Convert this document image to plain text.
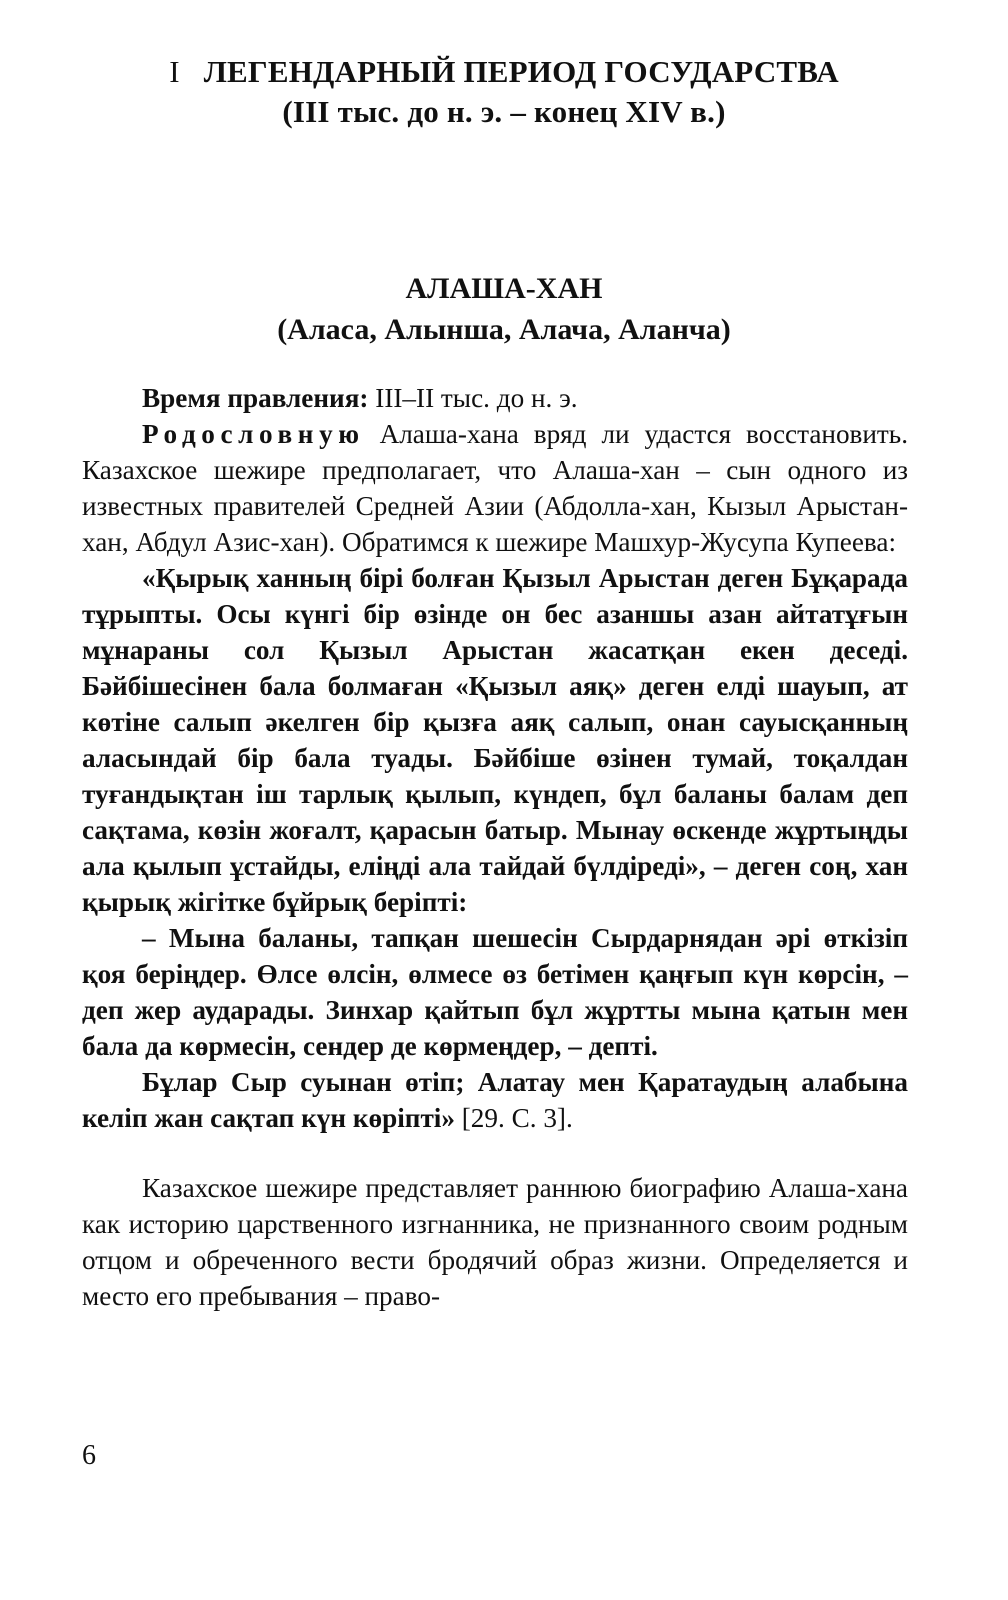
I ЛЕГЕНДАРНЫЙ ПЕРИОД ГОСУДАРСТВА
(III тыс. до н. э. – конец XIV в.)
АЛАША-ХАН
(Аласа, Алынша, Алача, Аланча)

Время правления: III–II тыс. до н. э.

Родословную Алаша-хана вряд ли удастся восстановить. Казахское шежире предполагает, что Алаша-хан – сын одного из известных правителей Средней Азии (Абдолла-хан, Кызыл Арыстан-хан, Абдул Азис-хан). Обратимся к шежире Машхур-Жусупа Купеева:

«Қырық ханның бірі болған Қызыл Арыстан деген Бұқарада тұрыпты. Осы күнгі бір өзінде он бес азаншы азан айтатұғын мұнараны сол Қызыл Арыстан жасатқан екен деседі. Бәйбішесінен бала болмаған «Қызыл аяқ» деген елді шауып, ат көтіне салып әкелген бір қызға аяқ салып, онан сауысқанның аласындай бір бала туады. Бәйбіше өзінен тумай, тоқалдан туғандықтан іш тарлық қылып, күндеп, бұл баланы балам деп сақтама, көзін жоғалт, қарасын батыр. Мынау өскенде жұртыңды ала қылып ұстайды, еліңді ала тайдай бүлдіреді», – деген соң, хан қырық жігітке бұйрық беріпті:

– Мына баланы, тапқан шешесін Сырдарнядан әрі өткізіп қоя беріңдер. Өлсе өлсін, өлмесе өз бетімен қаңғып күн көрсін, – деп жер аударады. Зинхар қайтып бұл жұртты мына қатын мен бала да көрмесін, сендер де көрмеңдер, – депті.

Бұлар Сыр суынан өтіп; Алатау мен Қаратаудың алабына келіп жан сақтап күн көріпті» [29. С. 3].

Казахское шежире представляет раннюю биографию Алаша-хана как историю царственного изгнанника, не признанного своим родным отцом и обреченного вести бродячий образ жизни. Определяется и место его пребывания – право-

6
